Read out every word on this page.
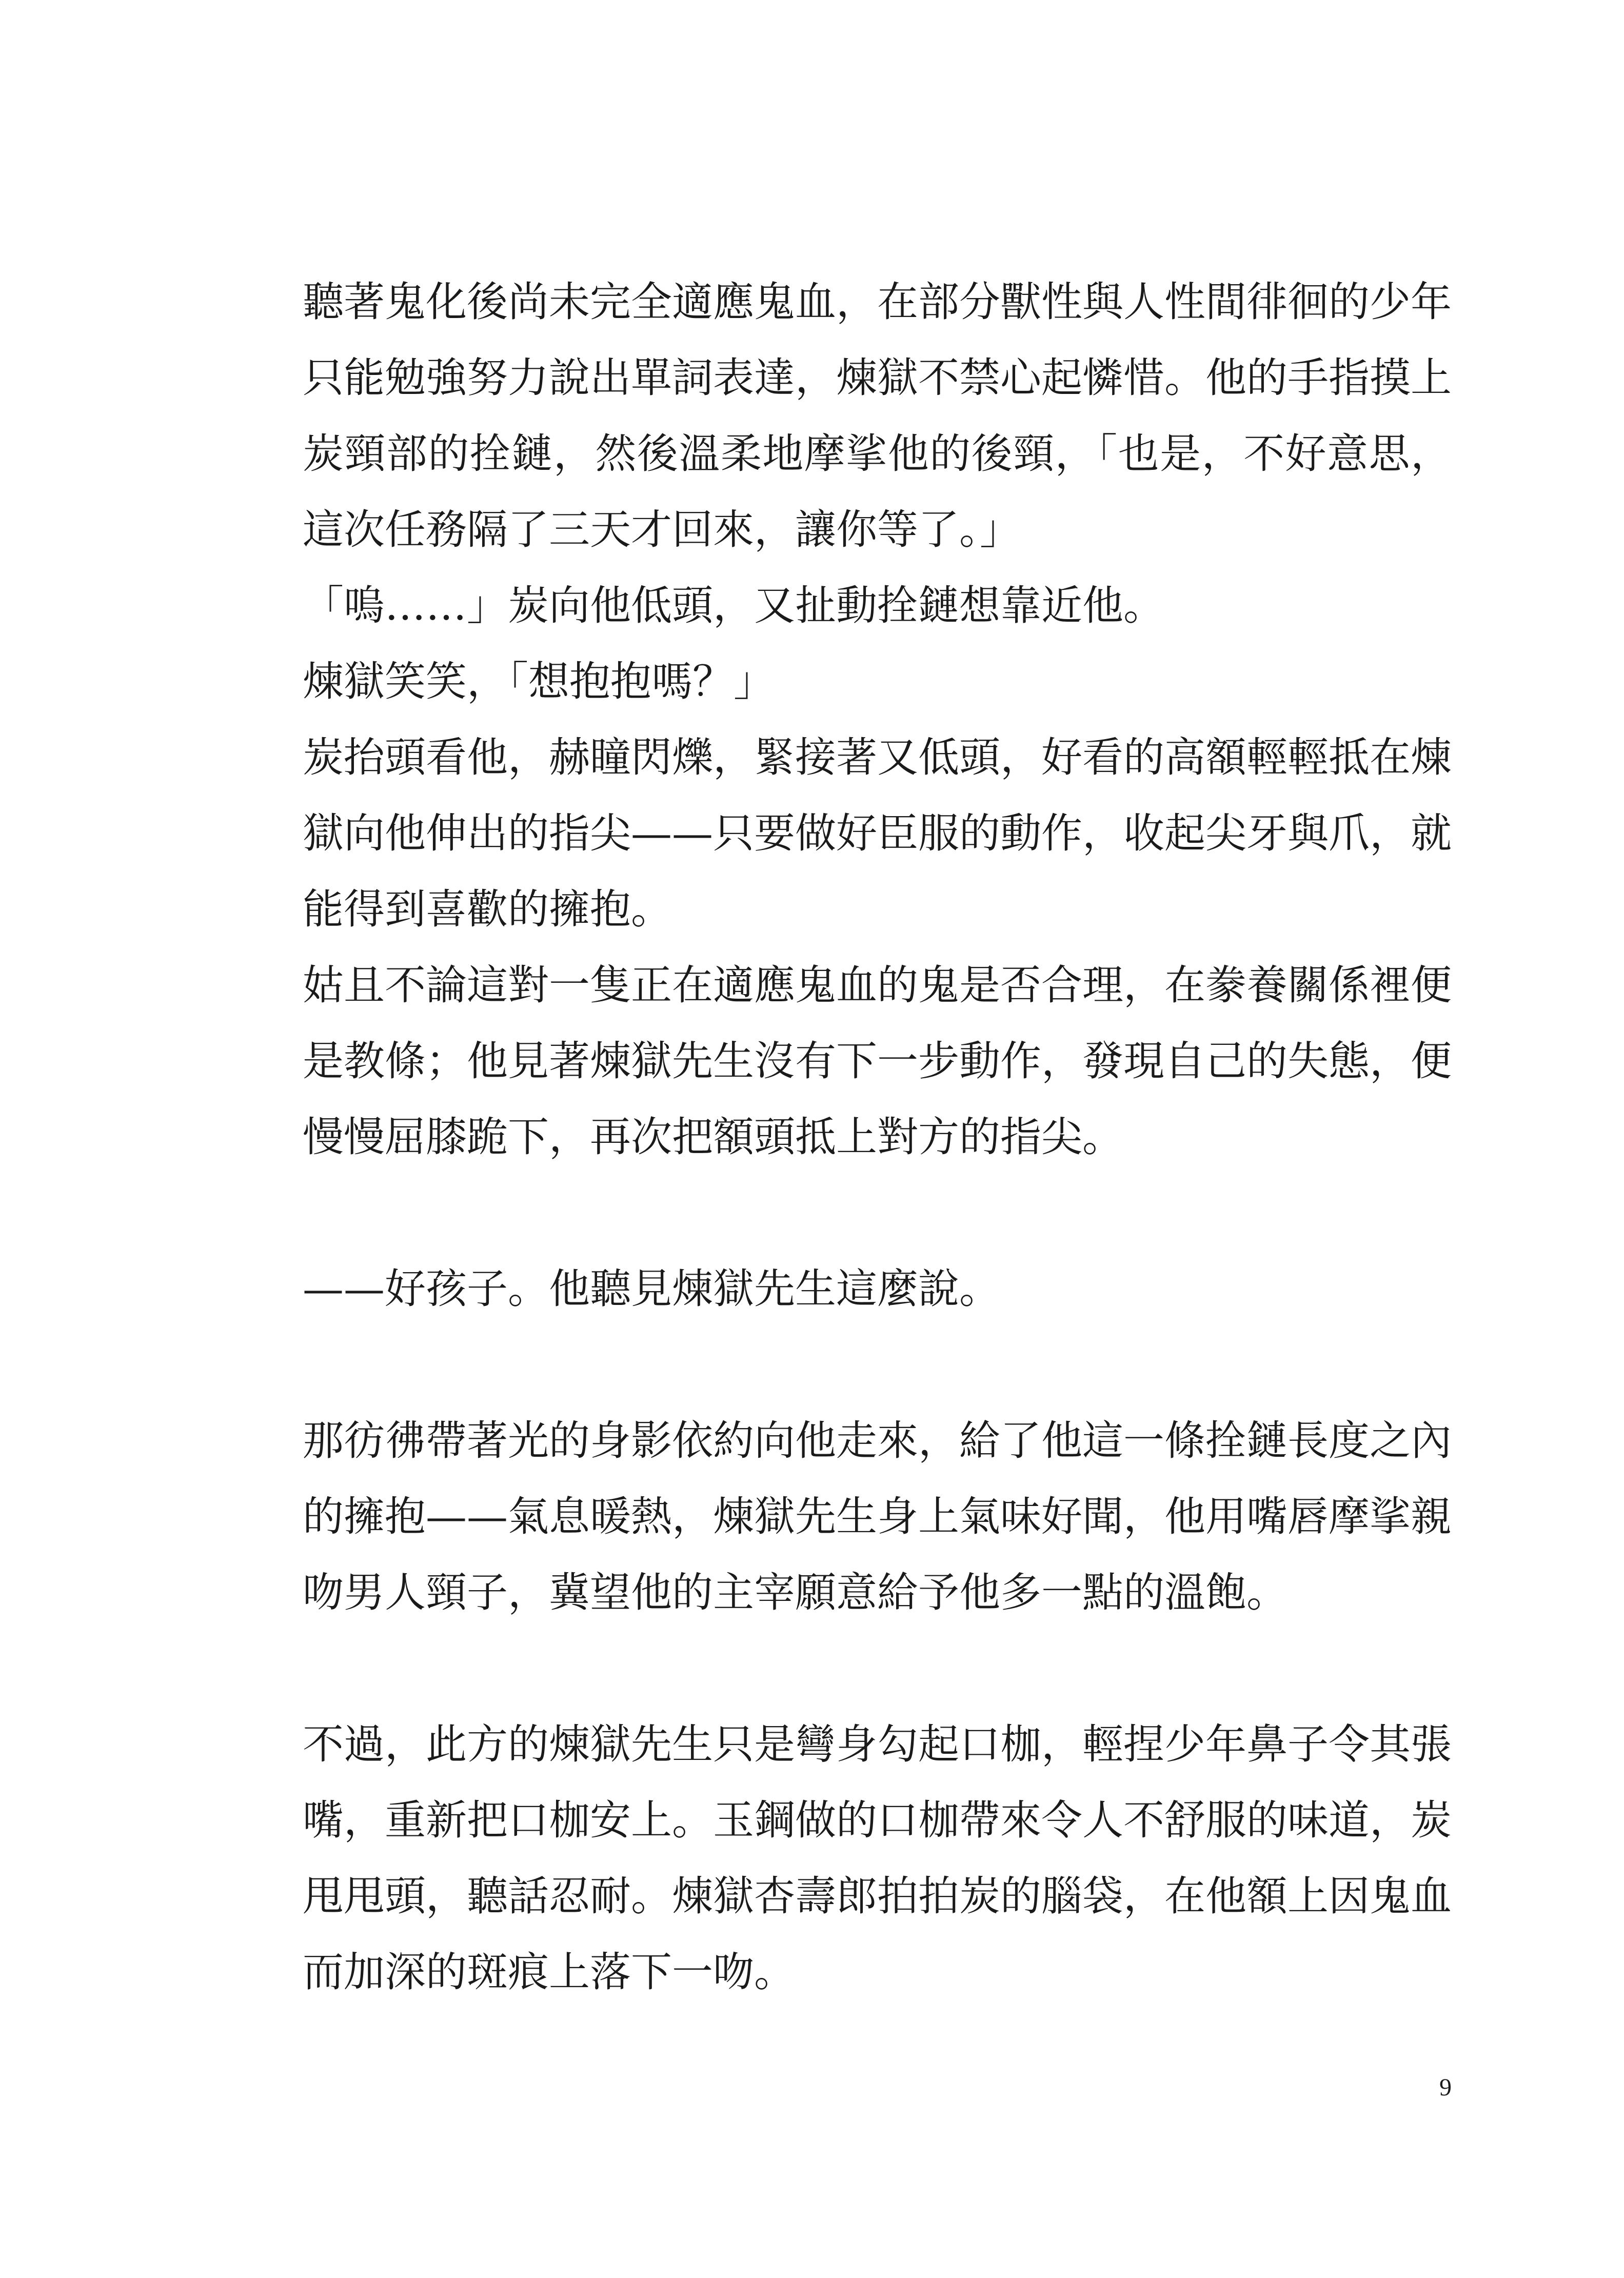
聽著鬼化後尚未完全適應鬼血，在部分獸性與人性間徘徊的少年
只能勉強努力說出單詞表達，煉獄不禁心起憐惜。他的手指摸上
炭頸部的拴鏈，然後溫柔地摩挲他的後頸，「也是，不好意思，
這次任務隔了三天才回來，讓你等了。」
「嗚……」炭向他低頭，又扯動拴鏈想靠近他。
煉獄笑笑，「想抱抱嗎？」
炭抬頭看他，赫瞳閃爍，緊接著又低頭，好看的高額輕輕抵在煉
獄向他伸出的指尖——只要做好臣服的動作，收起尖牙與爪，就
能得到喜歡的擁抱。
姑且不論這對一隻正在適應鬼血的鬼是否合理，在豢養關係裡便
是教條；他見著煉獄先生沒有下一步動作，發現自己的失態，便
慢慢屈膝跪下，再次把額頭抵上對方的指尖。
——好孩子。他聽見煉獄先生這麼說。
那彷彿帶著光的身影依約向他走來，給了他這一條拴鏈長度之內
的擁抱——氣息暖熱，煉獄先生身上氣味好聞，他用嘴唇摩挲親
吻男人頸子，冀望他的主宰願意給予他多一點的溫飽。
不過，此方的煉獄先生只是彎身勾起口枷，輕捏少年鼻子令其張
嘴，重新把口枷安上。玉鋼做的口枷帶來令人不舒服的味道，炭
甩甩頭，聽話忍耐。煉獄杏壽郎拍拍炭的腦袋，在他額上因鬼血
而加深的斑痕上落下一吻。
9
